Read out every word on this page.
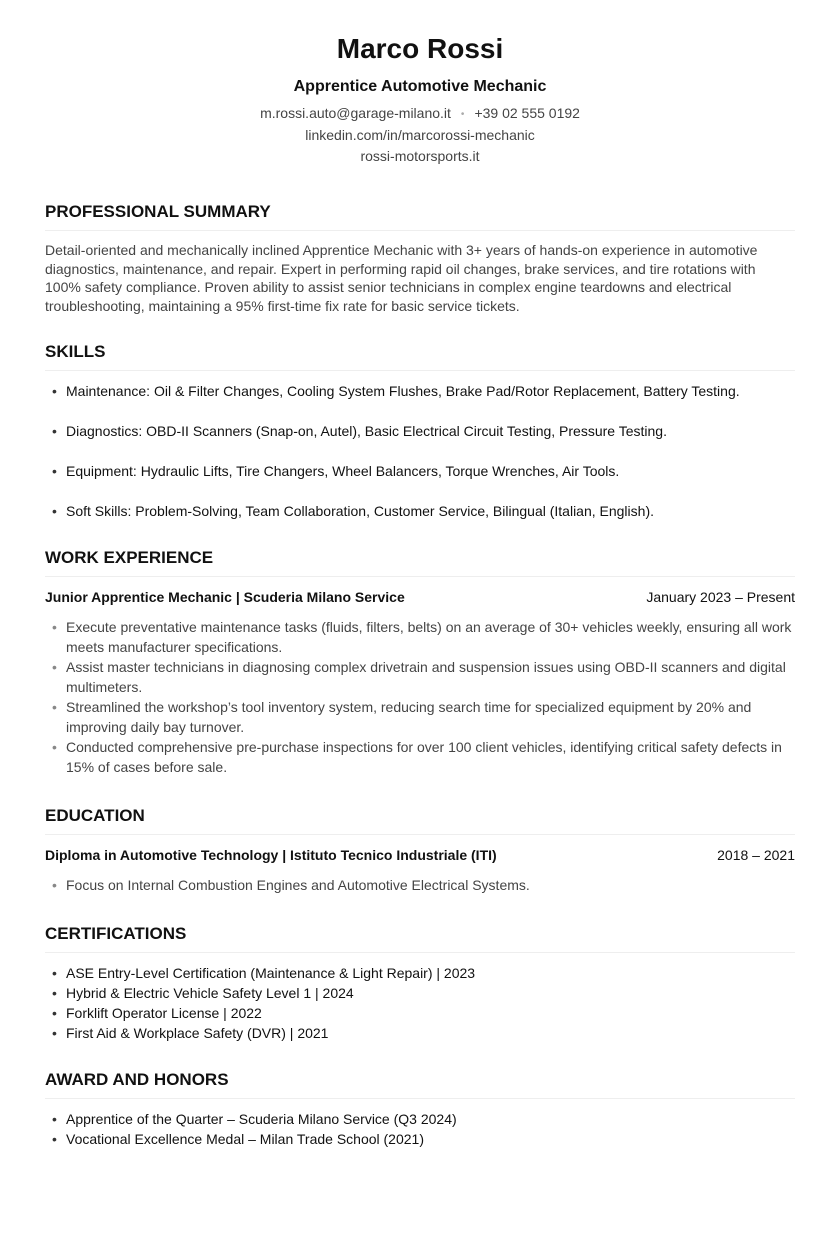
Marco Rossi
Apprentice Automotive Mechanic
m.rossi.auto@garage-milano.it • +39 02 555 0192
linkedin.com/in/marcorossi-mechanic
rossi-motorsports.it
PROFESSIONAL SUMMARY

Detail-oriented and mechanically inclined Apprentice Mechanic with 3+ years of hands-on experience in automotive diagnostics, maintenance, and repair. Expert in performing rapid oil changes, brake services, and tire rotations with 100% safety compliance. Proven ability to assist senior technicians in complex engine teardowns and electrical troubleshooting, maintaining a 95% first-time fix rate for basic service tickets.

SKILLS
• Maintenance: Oil & Filter Changes, Cooling System Flushes, Brake Pad/Rotor Replacement, Battery Testing.
• Diagnostics: OBD-II Scanners (Snap-on, Autel), Basic Electrical Circuit Testing, Pressure Testing.
• Equipment: Hydraulic Lifts, Tire Changers, Wheel Balancers, Torque Wrenches, Air Tools.
• Soft Skills: Problem-Solving, Team Collaboration, Customer Service, Bilingual (Italian, English).
WORK EXPERIENCE
Junior Apprentice Mechanic | Scuderia Milano Service	January 2023 – Present
• Execute preventative maintenance tasks (fluids, filters, belts) on an average of 30+ vehicles weekly, ensuring all work meets manufacturer specifications.
• Assist master technicians in diagnosing complex drivetrain and suspension issues using OBD-II scanners and digital multimeters.
• Streamlined the workshop’s tool inventory system, reducing search time for specialized equipment by 20% and improving daily bay turnover.
• Conducted comprehensive pre-purchase inspections for over 100 client vehicles, identifying critical safety defects in 15% of cases before sale.
EDUCATION
Diploma in Automotive Technology | Istituto Tecnico Industriale (ITI)	2018 – 2021
• Focus on Internal Combustion Engines and Automotive Electrical Systems.
CERTIFICATIONS
• ASE Entry-Level Certification (Maintenance & Light Repair) | 2023
• Hybrid & Electric Vehicle Safety Level 1 | 2024
• Forklift Operator License | 2022
• First Aid & Workplace Safety (DVR) | 2021
AWARD AND HONORS
• Apprentice of the Quarter – Scuderia Milano Service (Q3 2024)
• Vocational Excellence Medal – Milan Trade School (2021)
